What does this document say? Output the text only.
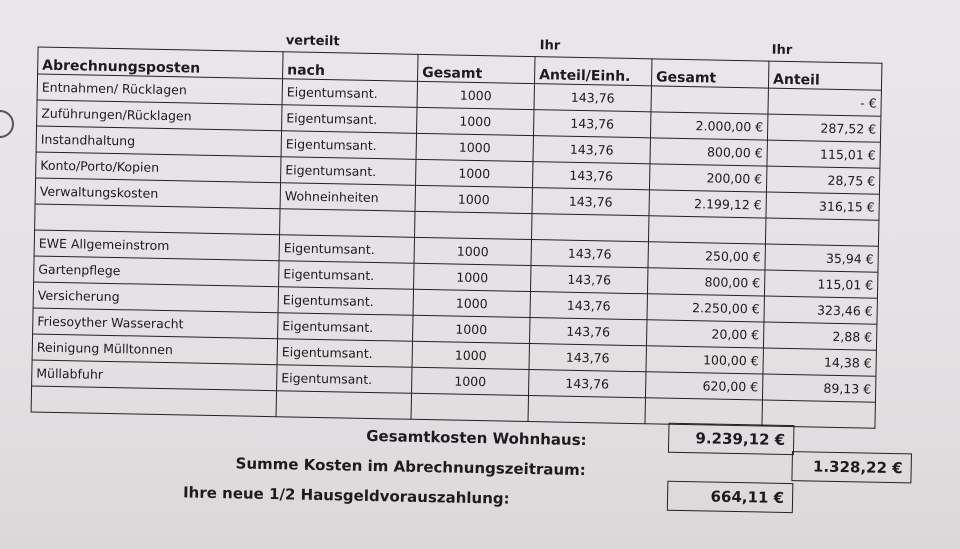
verteilt	Ihr	Ihr
Abrechnungsposten	nach	Gesamt	Anteil/Einh.	Gesamt	Anteil
Entnahmen/ Rücklagen	Eigentumsant.	1000	143,76		- €
Zuführungen/Rücklagen	Eigentumsant.	1000	143,76	2.000,00 €	287,52 €
Instandhaltung	Eigentumsant.	1000	143,76	800,00 €	115,01 €
Konto/Porto/Kopien	Eigentumsant.	1000	143,76	200,00 €	28,75 €
Verwaltungskosten	Wohneinheiten	1000	143,76	2.199,12 €	316,15 €

EWE Allgemeinstrom	Eigentumsant.	1000	143,76	250,00 €	35,94 €
Gartenpflege	Eigentumsant.	1000	143,76	800,00 €	115,01 €
Versicherung	Eigentumsant.	1000	143,76	2.250,00 €	323,46 €
Friesoyther Wasseracht	Eigentumsant.	1000	143,76	20,00 €	2,88 €
Reinigung Mülltonnen	Eigentumsant.	1000	143,76	100,00 €	14,38 €
Müllabfuhr	Eigentumsant.	1000	143,76	620,00 €	89,13 €

Gesamtkosten Wohnhaus:	9.239,12 €
Summe Kosten im Abrechnungszeitraum:	1.328,22 €
Ihre neue 1/2 Hausgeldvorauszahlung:	664,11 €
